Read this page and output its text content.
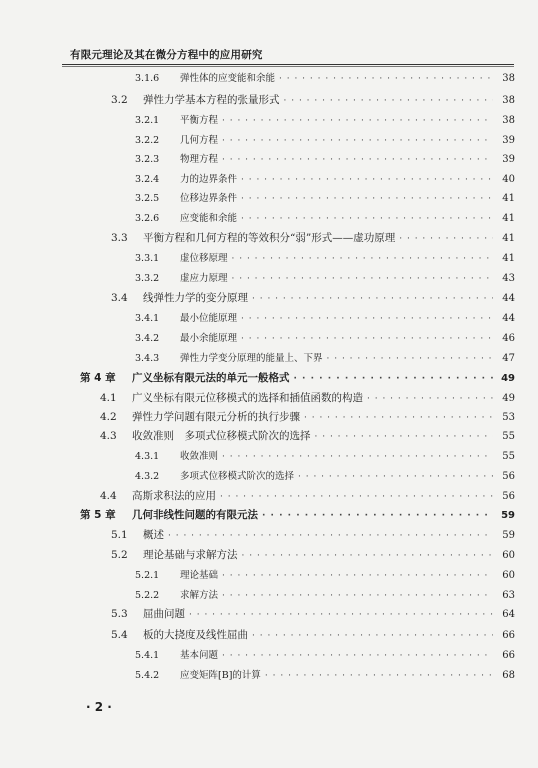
有限元理论及其在微分方程中的应用研究
3.1.6	弹性体的应变能和余能 · · ·	38
3.2	弹性力学基本方程的张量形式 · · ·	38
3.2.1	平衡方程 · · ·	38
3.2.2	几何方程 · · ·	39
3.2.3	物理方程 · · ·	39
3.2.4	力的边界条件 · · ·	40
3.2.5	位移边界条件 · · ·	41
3.2.6	应变能和余能 · · ·	41
3.3	平衡方程和几何方程的等效积分“弱”形式——虚功原理 · · ·	41
3.3.1	虚位移原理 · · ·	41
3.3.2	虚应力原理 · · ·	43
3.4	线弹性力学的变分原理 · · ·	44
3.4.1	最小位能原理 · · ·	44
3.4.2	最小余能原理 · · ·	46
3.4.3	弹性力学变分原理的能量上、下界 · · ·	47
第 4 章	广义坐标有限元法的单元一般格式 · · ·	49
4.1	广义坐标有限元位移模式的选择和插值函数的构造 · · ·	49
4.2	弹性力学问题有限元分析的执行步骤 · · ·	53
4.3	收敛准则　多项式位移模式阶次的选择 · · ·	55
4.3.1	收敛准则 · · ·	55
4.3.2	多项式位移模式阶次的选择 · · ·	56
4.4	高斯求积法的应用 · · ·	56
第 5 章	几何非线性问题的有限元法 · · ·	59
5.1	概述 · · ·	59
5.2	理论基础与求解方法 · · ·	60
5.2.1	理论基础 · · ·	60
5.2.2	求解方法 · · ·	63
5.3	屈曲问题 · · ·	64
5.4	板的大挠度及线性屈曲 · · ·	66
5.4.1	基本问题 · · ·	66
5.4.2	应变矩阵[B]的计算 · · ·	68
· 2 ·
